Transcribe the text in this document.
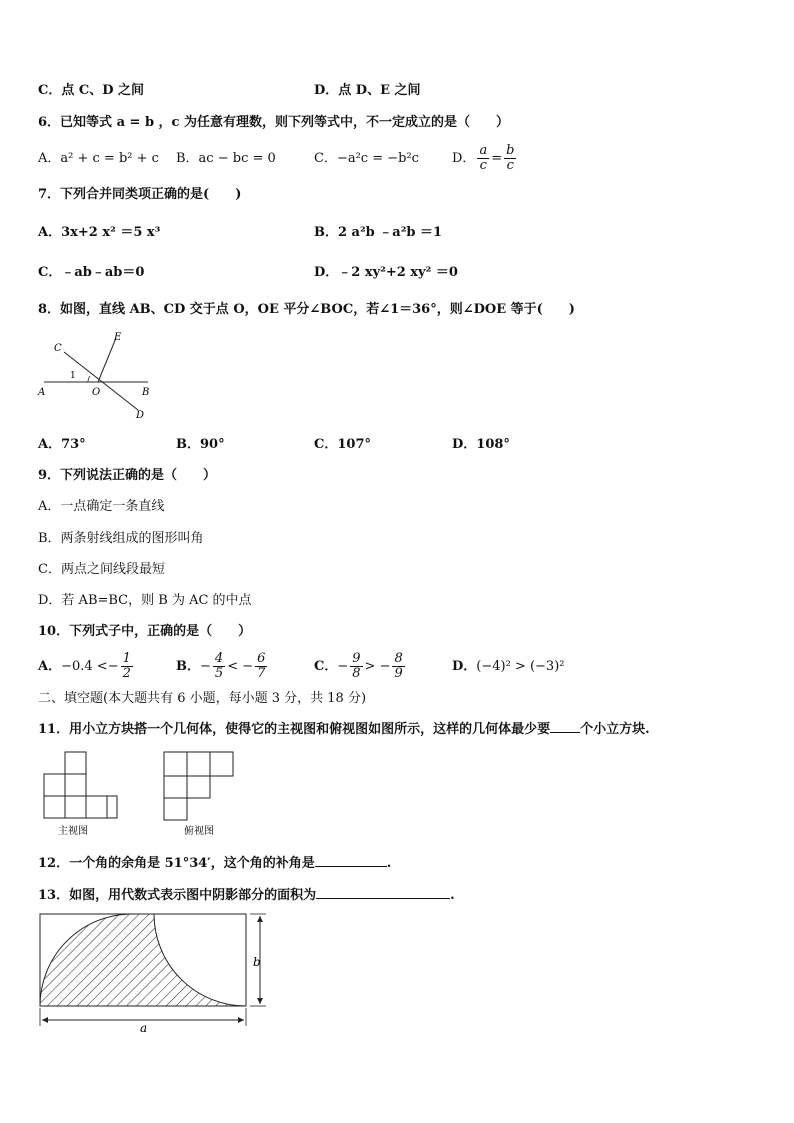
C．点 C、D 之间	D．点 D、E 之间
6．已知等式 a = b ，c 为任意有理数，则下列等式中，不一定成立的是（　　）
A．a² + c = b² + c B．ac − bc = 0	C．−a²c = −b²c	D． $\frac{a}{c} = \frac{b}{c}$
7．下列合并同类项正确的是(　　)
A．3x+2 x² ＝5 x³	B．2 a²b ﹣a²b ＝1
C．﹣ab﹣ab＝0	D．﹣2 xy²+2 xy² ＝0
8．如图，直线 AB、CD 交于点 O，OE 平分∠BOC，若∠1＝36°，则∠DOE 等于(　　)
C
E
1
A	O	B
D
A．73°	B．90°	C．107°	D．108°
9．下列说法正确的是（　　）
A．一点确定一条直线
B．两条射线组成的图形叫角
C．两点之间线段最短
D．若 AB=BC，则 B 为 AC 的中点
10．下列式子中，正确的是（　　）
A．$-0.4 <- \frac{1}{2}$	B．− $\frac{4}{5}$ < − $\frac{6}{7}$	C．− $\frac{9}{8}$ > − $\frac{8}{9}$	D．(−4)² > (−3)²
二、填空题(本大题共有 6 小题，每小题 3 分，共 18 分)
11．用小立方块搭一个几何体，使得它的主视图和俯视图如图所示，这样的几何体最少要 个小立方块.
主视图	俯视图
12．一个角的余角是 51°34′，这个角的补角是	.
13．如图，用代数式表示图中阴影部分的面积为	.
b
a
